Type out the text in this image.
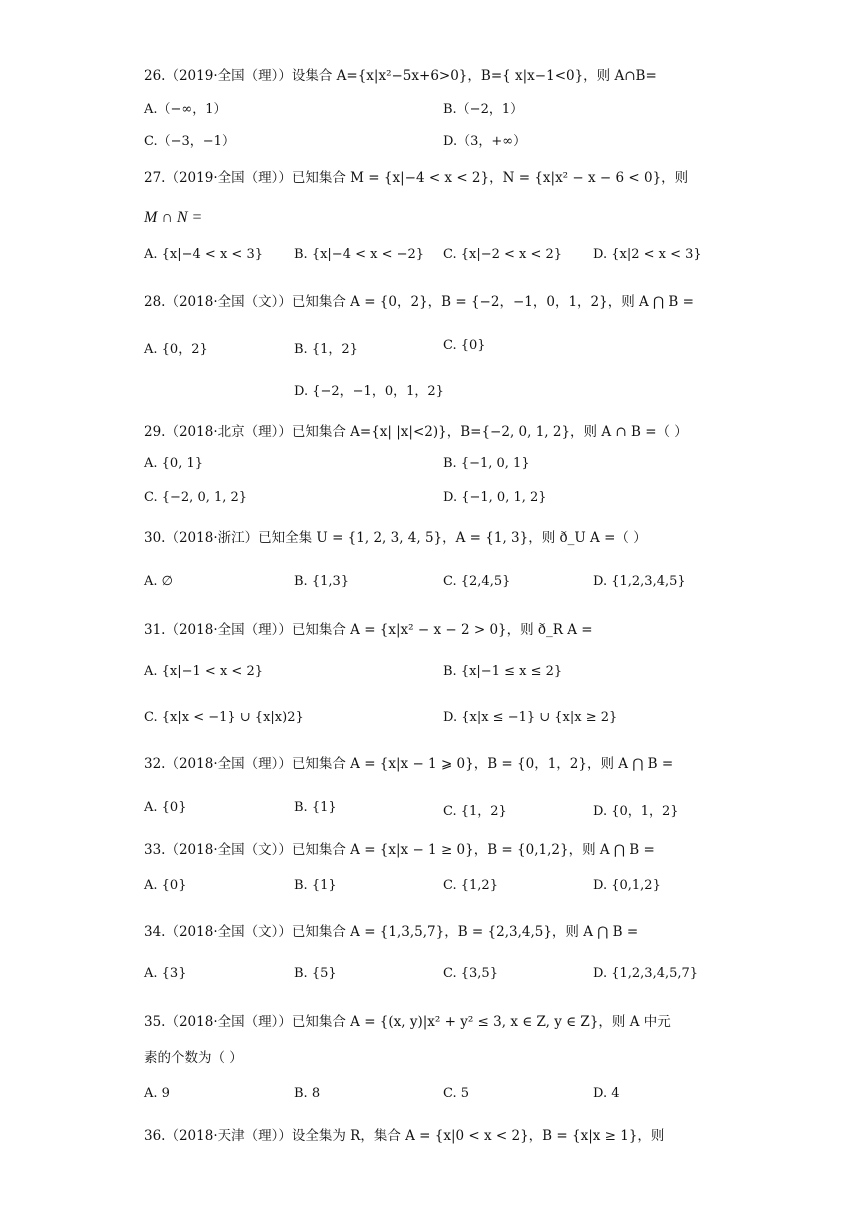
26.（2019·全国（理））设集合 A={x|x²−5x+6>0}，B={ x|x−1<0}，则 A∩B=
A.（−∞，1）	B.（−2，1）
C.（−3，−1）	D.（3，+∞）
27.（2019·全国（理））已知集合 M = {x|−4 < x < 2}，N = {x|x² − x − 6 < 0}，则
M ∩ N =
A. {x|−4 < x < 3} B. {x|−4 < x < −2} C. {x|−2 < x < 2} D. {x|2 < x < 3}
28.（2018·全国（文））已知集合 A = {0，2}，B = {−2，−1，0，1，2}，则 A ⋂ B =
A. {0，2}	B. {1，2}	C. {0}
D. {−2，−1，0，1，2}
29.（2018·北京（理））已知集合 A={x| |x|<2)}，B={−2, 0, 1, 2}，则 A ∩ B =（ ）
A. {0, 1}	B. {−1, 0, 1}
C. {−2, 0, 1, 2}	D. {−1, 0, 1, 2}
30.（2018·浙江）已知全集 U = {1, 2, 3, 4, 5}，A = {1, 3}，则 ð_U A =（ ）
A. ∅	B. {1,3}	C. {2,4,5}	D. {1,2,3,4,5}
31.（2018·全国（理））已知集合 A = {x|x² − x − 2 > 0}，则 ð_R A =
A. {x|−1 < x < 2}	B. {x|−1 ≤ x ≤ 2}
C. {x|x < −1} ∪ {x|x)2}	D. {x|x ≤ −1} ∪ {x|x ≥ 2}
32.（2018·全国（理））已知集合 A = {x|x − 1 ⩾ 0}，B = {0，1，2}，则 A ⋂ B =
A. {0}	B. {1}	C. {1，2}	D. {0，1，2}
33.（2018·全国（文））已知集合 A = {x|x − 1 ≥ 0}，B = {0,1,2}，则 A ⋂ B =
A. {0}	B. {1}	C. {1,2}	D. {0,1,2}
34.（2018·全国（文））已知集合 A = {1,3,5,7}，B = {2,3,4,5}，则 A ⋂ B =
A. {3}	B. {5}	C. {3,5}	D. {1,2,3,4,5,7}
35.（2018·全国（理））已知集合 A = {(x, y)|x² + y² ≤ 3, x ∈ Z, y ∈ Z}，则 A 中元
素的个数为（ ）
A. 9	B. 8	C. 5	D. 4
36.（2018·天津（理））设全集为 R，集合 A = {x|0 < x < 2}，B = {x|x ≥ 1}，则
